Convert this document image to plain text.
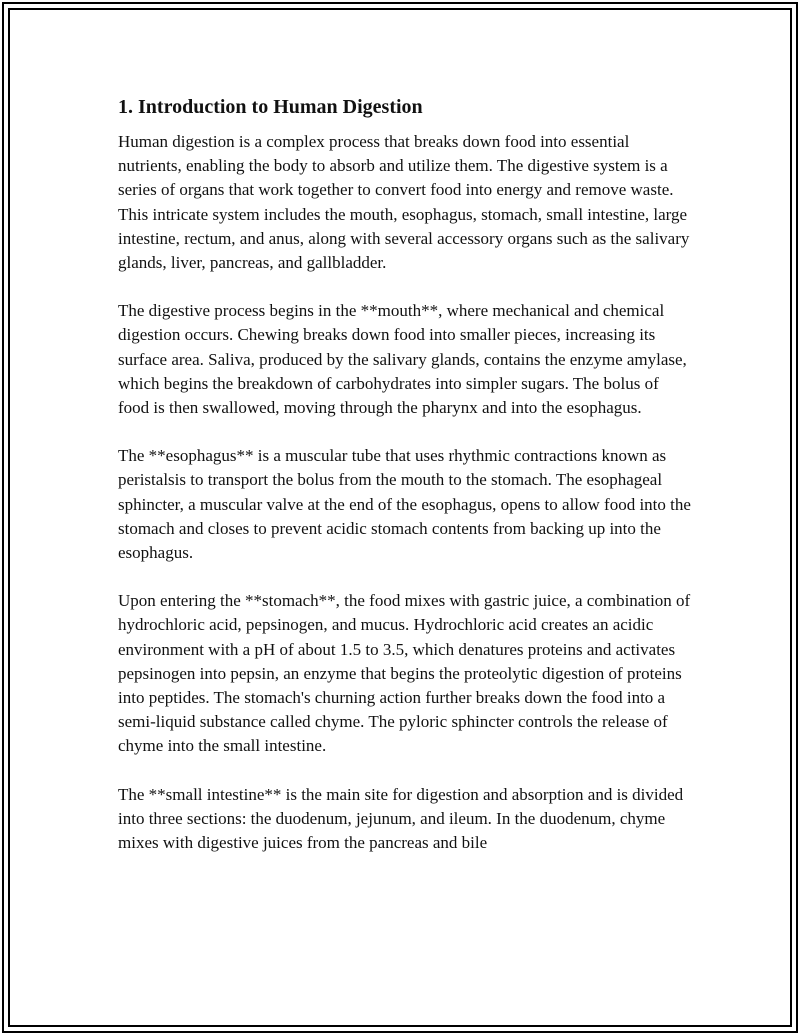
1. Introduction to Human Digestion

Human digestion is a complex process that breaks down food into essential nutrients, enabling the body to absorb and utilize them. The digestive system is a series of organs that work together to convert food into energy and remove waste. This intricate system includes the mouth, esophagus, stomach, small intestine, large intestine, rectum, and anus, along with several accessory organs such as the salivary glands, liver, pancreas, and gallbladder.

The digestive process begins in the **mouth**, where mechanical and chemical digestion occurs. Chewing breaks down food into smaller pieces, increasing its surface area. Saliva, produced by the salivary glands, contains the enzyme amylase, which begins the breakdown of carbohydrates into simpler sugars. The bolus of food is then swallowed, moving through the pharynx and into the esophagus.

The **esophagus** is a muscular tube that uses rhythmic contractions known as peristalsis to transport the bolus from the mouth to the stomach. The esophageal sphincter, a muscular valve at the end of the esophagus, opens to allow food into the stomach and closes to prevent acidic stomach contents from backing up into the esophagus.

Upon entering the **stomach**, the food mixes with gastric juice, a combination of hydrochloric acid, pepsinogen, and mucus. Hydrochloric acid creates an acidic environment with a pH of about 1.5 to 3.5, which denatures proteins and activates pepsinogen into pepsin, an enzyme that begins the proteolytic digestion of proteins into peptides. The stomach's churning action further breaks down the food into a semi-liquid substance called chyme. The pyloric sphincter controls the release of chyme into the small intestine.

The **small intestine** is the main site for digestion and absorption and is divided into three sections: the duodenum, jejunum, and ileum. In the duodenum, chyme mixes with digestive juices from the pancreas and bile
